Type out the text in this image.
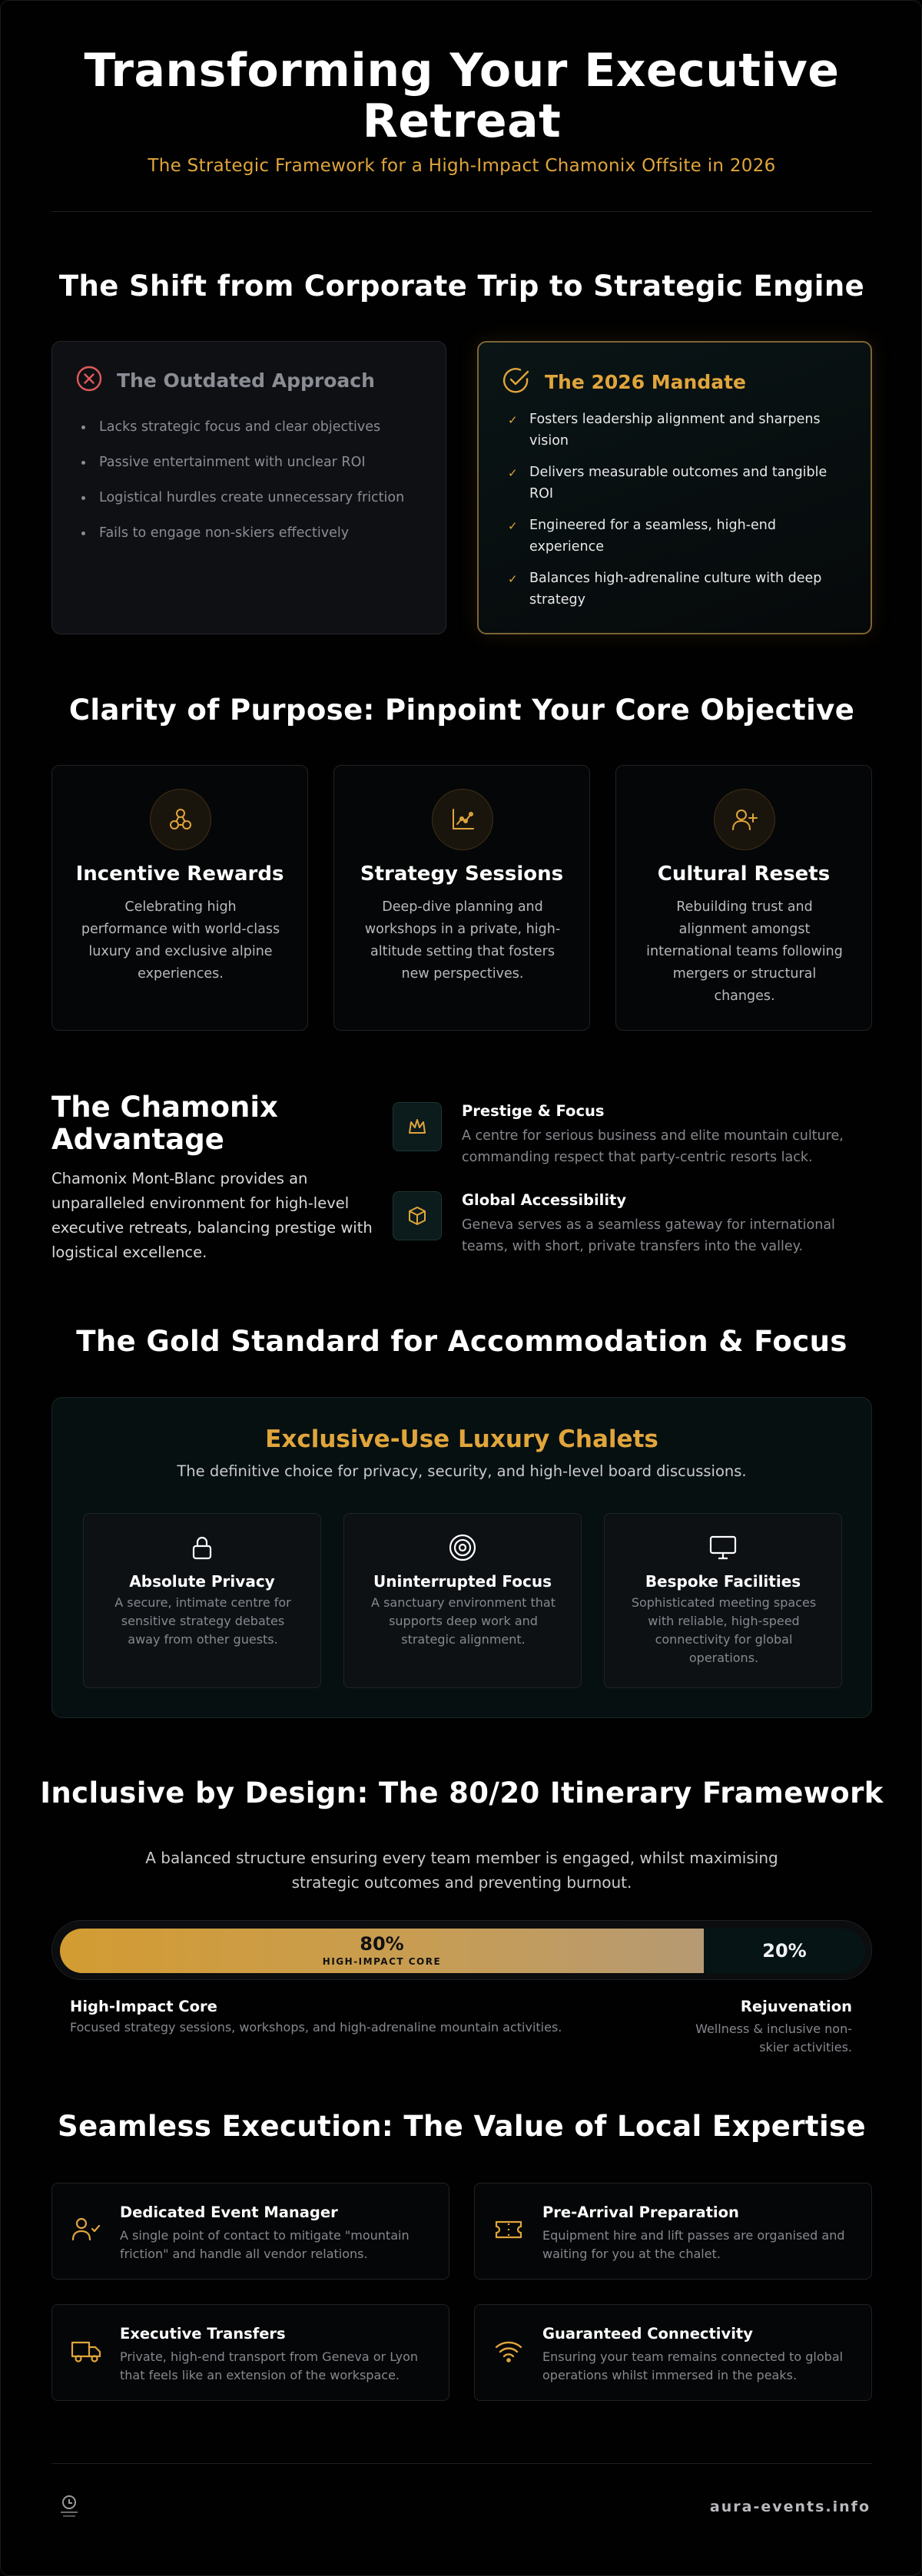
Transforming Your Executive Retreat
The Strategic Framework for a High-Impact Chamonix Offsite in 2026
The Shift from Corporate Trip to Strategic Engine
The Outdated Approach
Lacks strategic focus and clear objectives
Passive entertainment with unclear ROI
Logistical hurdles create unnecessary friction
Fails to engage non-skiers effectively
The 2026 Mandate
✓ Fosters leadership alignment and sharpens vision
✓ Delivers measurable outcomes and tangible ROI
✓ Engineered for a seamless, high-end experience
✓ Balances high-adrenaline culture with deep strategy
Clarity of Purpose: Pinpoint Your Core Objective
Incentive Rewards
Celebrating high performance with world-class luxury and exclusive alpine experiences.
Strategy Sessions
Deep-dive planning and workshops in a private, high-altitude setting that fosters new perspectives.
Cultural Resets
Rebuilding trust and alignment amongst international teams following mergers or structural changes.
The Chamonix Advantage
Chamonix Mont-Blanc provides an unparalleled environment for high-level executive retreats, balancing prestige with logistical excellence.
Prestige & Focus
A centre for serious business and elite mountain culture, commanding respect that party-centric resorts lack.
Global Accessibility
Geneva serves as a seamless gateway for international teams, with short, private transfers into the valley.
The Gold Standard for Accommodation & Focus
Exclusive-Use Luxury Chalets
The definitive choice for privacy, security, and high-level board discussions.
Absolute Privacy
A secure, intimate centre for sensitive strategy debates away from other guests.
Uninterrupted Focus
A sanctuary environment that supports deep work and strategic alignment.
Bespoke Facilities
Sophisticated meeting spaces with reliable, high-speed connectivity for global operations.
Inclusive by Design: The 80/20 Itinerary Framework
A balanced structure ensuring every team member is engaged, whilst maximising strategic outcomes and preventing burnout.
80%
HIGH-IMPACT CORE	20%
High-Impact Core
Focused strategy sessions, workshops, and high-adrenaline mountain activities.
Rejuvenation
Wellness & inclusive non-skier activities.
Seamless Execution: The Value of Local Expertise
Dedicated Event Manager
A single point of contact to mitigate "mountain friction" and handle all vendor relations.
Pre-Arrival Preparation
Equipment hire and lift passes are organised and waiting for you at the chalet.
Executive Transfers
Private, high-end transport from Geneva or Lyon that feels like an extension of the workspace.
Guaranteed Connectivity
Ensuring your team remains connected to global operations whilst immersed in the peaks.
aura-events.info
